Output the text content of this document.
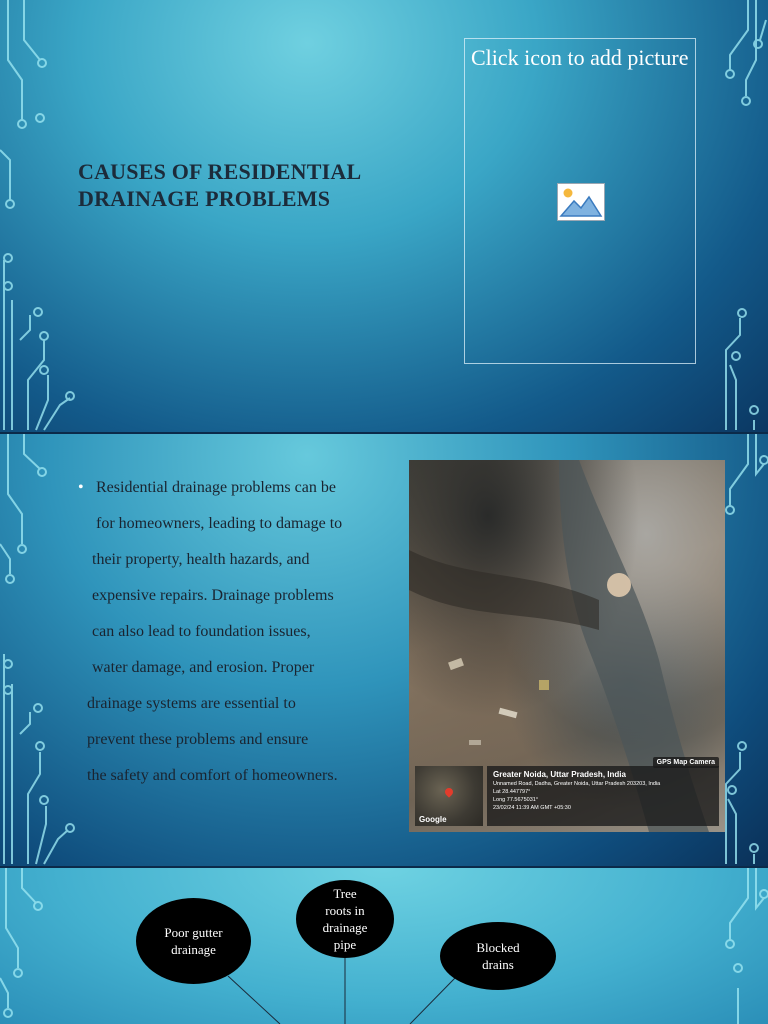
CAUSES OF RESIDENTIAL
DRAINAGE PROBLEMS
Click icon to add picture
• Residential drainage problems can be
for homeowners, leading to damage to
their property, health hazards, and
expensive repairs. Drainage problems
can also lead to foundation issues,
water damage, and erosion. Proper
drainage systems are essential to
prevent these problems and ensure
the safety and comfort of homeowners.
GPS Map Camera
Google
Greater Noida, Uttar Pradesh, India
Unnamed Road, Dadha, Greater Noida, Uttar Pradesh 203203, India
Lat 28.447797°
Long 77.5675031°
23/02/24 11:39 AM GMT +05:30
Poor gutter
drainage
Tree
roots in
drainage
pipe	Blocked
drains
